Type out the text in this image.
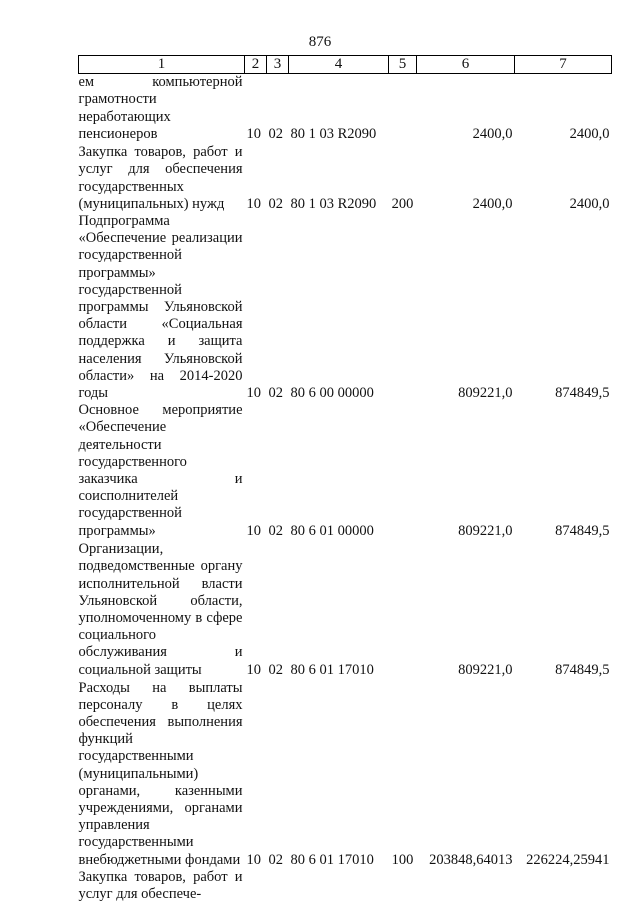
876
1	2	3	4	5	6	7
ем компьютерной грамотности неработающих пенсионеров	10	02	80 1 03 R2090		2400,0	2400,0
Закупка товаров, работ и услуг для обеспечения государственных (муниципальных) нужд	10	02	80 1 03 R2090	200	2400,0	2400,0
Подпрограмма «Обеспечение реализации государственной программы» государственной программы Ульяновской области «Социальная поддержка и защита населения Ульяновской области» на 2014-2020 годы	10	02	80 6 00 00000		809221,0	874849,5
Основное мероприятие «Обеспечение деятельности государственного заказчика и соисполнителей государственной программы»	10	02	80 6 01 00000		809221,0	874849,5
Организации, подведомственные органу исполнительной власти Ульяновской области, уполномоченному в сфере социального обслуживания и социальной защиты	10	02	80 6 01 17010		809221,0	874849,5
Расходы на выплаты персоналу в целях обеспечения выполнения функций государственными (муниципальными) органами, казенными учреждениями, органами управления государственными внебюджетными фондами	10	02	80 6 01 17010	100	203848,64013	226224,25941
Закупка товаров, работ и услуг для обеспече-						
